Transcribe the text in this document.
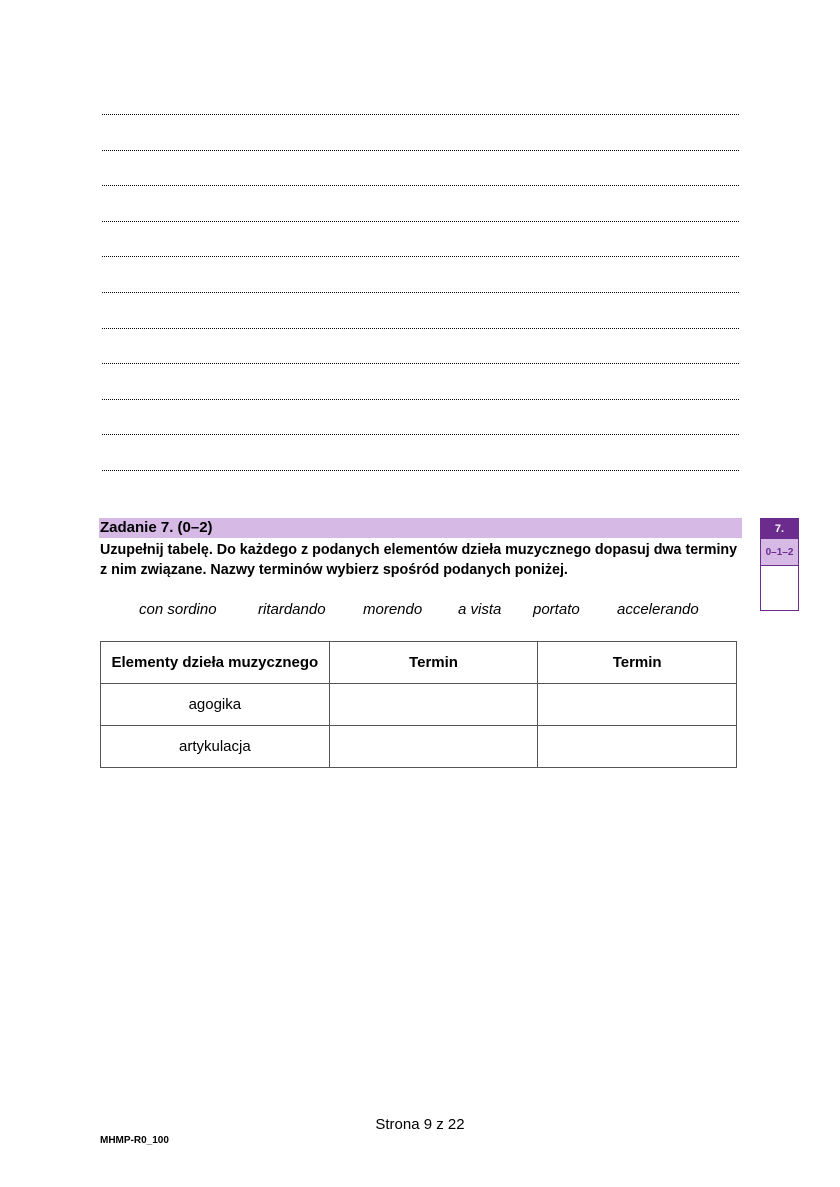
Zadanie 7. (0–2)
Uzupełnij tabelę. Do każdego z podanych elementów dzieła muzycznego dopasuj dwa terminy z nim związane. Nazwy terminów wybierz spośród podanych poniżej.
con sordino	ritardando morendo a vista portato accelerando
Elementy dzieła muzycznego	Termin	Termin
agogika		
artykulacja		
7.
0–1–2
Strona 9 z 22
MHMP-R0_100
